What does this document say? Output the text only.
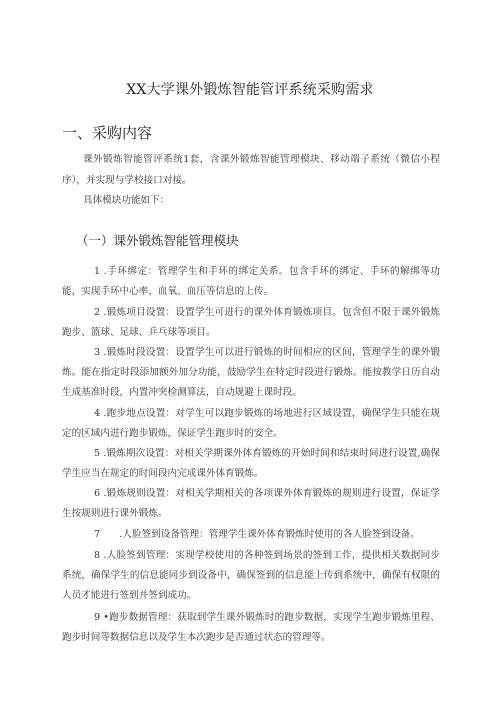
XX大学课外锻炼智能管评系统采购需求
一、采购内容
课外锻炼智能管评系统1套，含课外锻炼智能管理模块、移动端子系统（微信小程序），并实现与学校接口对接。
具体模块功能如下：
（一）课外锻炼智能管理模块
1 .手环绑定：管理学生和手环的绑定关系。包含手环的绑定、手环的解绑等功能，实现手环中心率、血氧、血压等信息的上传。
2 .锻炼项目设置：设置学生可进行的课外体育锻炼项目。包含但不限于课外锻炼跑步、篮球、足球、乒乓球等项目。
3 .锻炼时段设置：设置学生可以进行锻炼的时间相应的区间，管理学生的课外锻炼。能在指定时段添加额外加分功能，鼓励学生在特定时段进行锻炼。能按教学日历自动生成基准时段，内置冲突检测算法，自动规避上课时段。
4 .跑步地点设置：对学生可以跑步锻炼的场地进行区域设置，确保学生只能在规定的区域内进行跑步锻炼，保证学生跑步时的安全。
5 .锻炼期次设置：对相关学期课外体育锻炼的开始时间和结束时间进行设置,确保学生应当在规定的时间段内完成课外体育锻炼。
6 .锻炼规则设置：对相关学期相关的各项课外体育锻炼的规则进行设置，保证学生按规则进行课外锻炼。
7　　.人脸签到设备管理：管理学生课外体育锻炼时使用的各人脸签到设备。
8 .人脸签到管理：实现学校使用的各种签到场景的签到工作，提供相关数据同步系统，确保学生的信息能同步到设备中，确保签到的信息能上传到系统中，确保有权限的人员才能进行签到并签到成功。
9 •跑步数据管理：获取到学生课外锻炼时的跑步数据，实现学生跑步锻炼里程、跑步时间等数据信息以及学生本次跑步是否通过状态的管理等。
